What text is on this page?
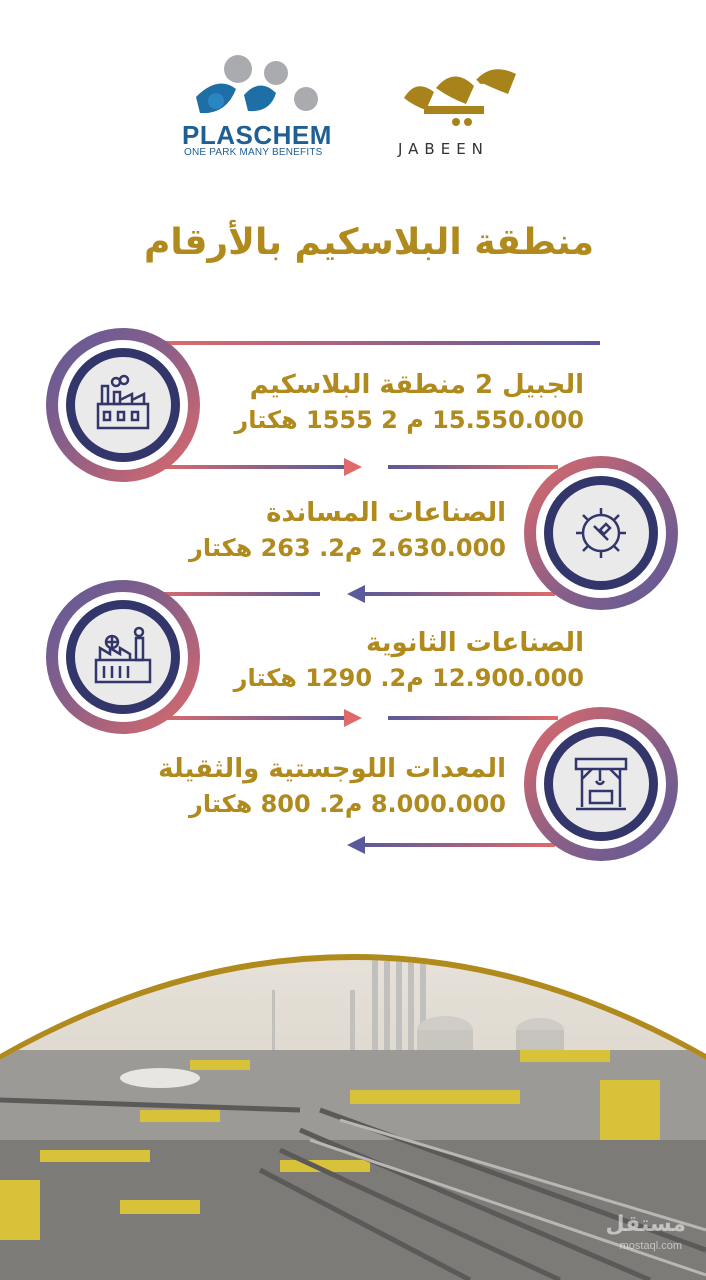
PLASCHEM
ONE PARK MANY BENEFITS	JABEEN
منطقة البلاسكيم بالأرقام
الجبيل 2 منطقة البلاسكيم
15.550.000 م 2 1555 هكتار
الصناعات المساندة
2.630.000 م2. 263 هكتار
الصناعات الثانوية
12.900.000 م2. 1290 هكتار
المعدات اللوجستية والثقيلة
8.000.000 م2. 800 هكتار
مستقل
mostaql.com
